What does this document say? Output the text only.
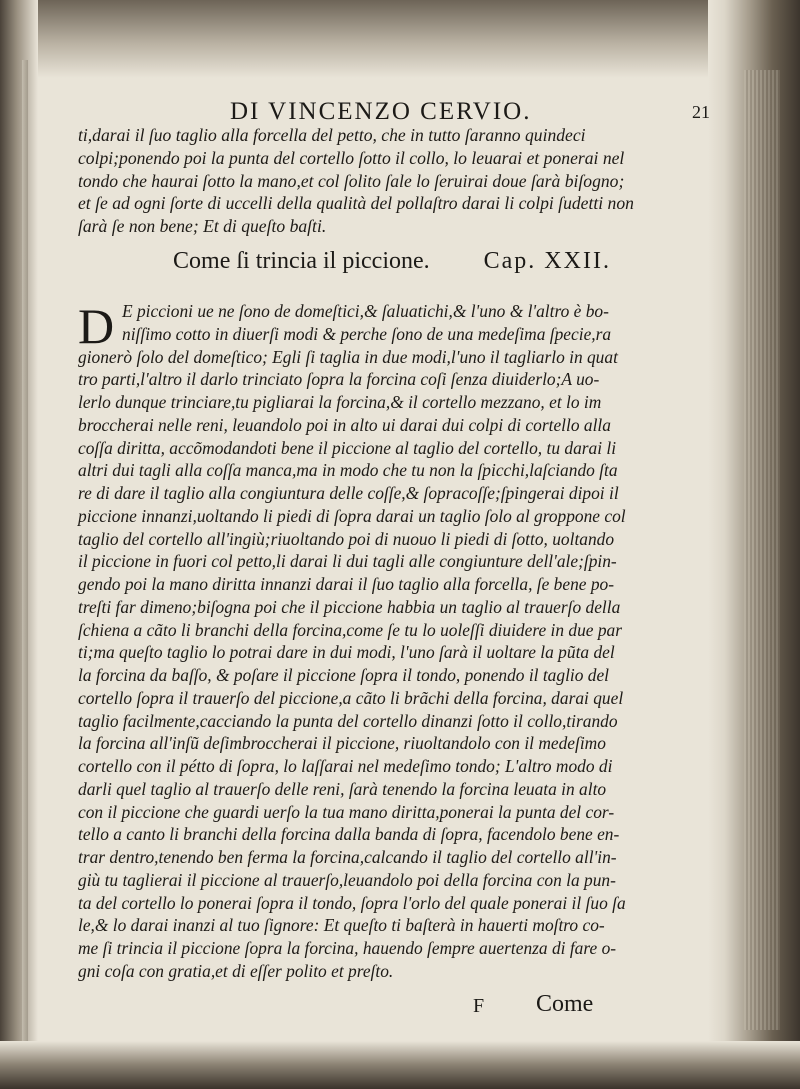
DI VINCENZO CERVIO.	21
ti,darai il ſuo taglio alla forcella del petto, che in tutto ſaranno quindeci
colpi;ponendo poi la punta del cortello ſotto il collo, lo leuarai et ponerai nel
tondo che haurai ſotto la mano,et col ſolito ſale lo ſeruirai doue ſarà biſogno;
et ſe ad ogni ſorte di uccelli della qualità del pollaſtro darai li colpi ſudetti non
ſarà ſe non bene; Et di queſto baſti.
Come ſi trincia il piccione. Cap. XXII.
D E piccioni ue ne ſono de domeſtici,& ſaluatichi,& l'uno & l'altro è bo-
niſſimo cotto in diuerſi modi & perche ſono de una medeſima ſpecie,ra
gionerò ſolo del domeſtico; Egli ſi taglia in due modi,l'uno il tagliarlo in quat
tro parti,l'altro il darlo trinciato ſopra la forcina coſi ſenza diuiderlo;A uo-
lerlo dunque trinciare,tu pigliarai la forcina,& il cortello mezzano, et lo im
broccherai nelle reni, leuandolo poi in alto ui darai dui colpi di cortello alla
coſſa diritta, accõmodandoti bene il piccione al taglio del cortello, tu darai li
altri dui tagli alla coſſa manca,ma in modo che tu non la ſpicchi,laſciando ſta
re di dare il taglio alla congiuntura delle coſſe,& ſopracoſſe;ſpingerai dipoi il
piccione innanzi,uoltando li piedi di ſopra darai un taglio ſolo al groppone col
taglio del cortello all'ingiù;riuoltando poi di nuouo li piedi di ſotto, uoltando
il piccione in fuori col petto,li darai li dui tagli alle congiunture dell'ale;ſpin-
gendo poi la mano diritta innanzi darai il ſuo taglio alla forcella, ſe bene po-
treſti far dimeno;biſogna poi che il piccione habbia un taglio al trauerſo della
ſchiena a cãto li branchi della forcina,come ſe tu lo uoleſſi diuidere in due par
ti;ma queſto taglio lo potrai dare in dui modi, l'uno ſarà il uoltare la pũta del
la forcina da baſſo, & poſare il piccione ſopra il tondo, ponendo il taglio del
cortello ſopra il trauerſo del piccione,a cãto li brãchi della forcina, darai quel
taglio facilmente,cacciando la punta del cortello dinanzi ſotto il collo,tirando
la forcina all'inſũ deſimbroccherai il piccione, riuoltandolo con il medeſimo
cortello con il pétto di ſopra, lo laſſarai nel medeſimo tondo; L'altro modo di
darli quel taglio al trauerſo delle reni, ſarà tenendo la forcina leuata in alto
con il piccione che guardi uerſo la tua mano diritta,ponerai la punta del cor-
tello a canto li branchi della forcina dalla banda di ſopra, facendolo bene en-
trar dentro,tenendo ben ferma la forcina,calcando il taglio del cortello all'in-
giù tu taglierai il piccione al trauerſo,leuandolo poi della forcina con la pun-
ta del cortello lo ponerai ſopra il tondo, ſopra l'orlo del quale ponerai il ſuo ſa
le,& lo darai inanzi al tuo ſignore: Et queſto ti baſterà in hauerti moſtro co-
me ſi trincia il piccione ſopra la forcina, hauendo ſempre auertenza di fare o-
gni coſa con gratia,et di eſſer polito et preſto.
F Come
